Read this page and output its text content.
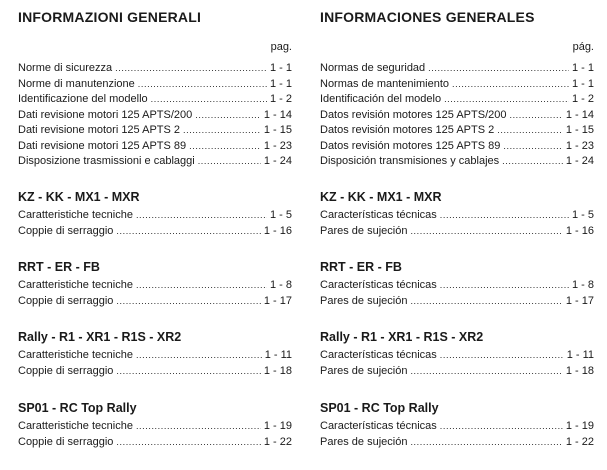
INFORMAZIONI GENERALI
pag.
Norme di sicurezza .....	1 - 1
Norme di manutenzione .....	1 - 1
Identificazione del modello .....	1 - 2
Dati revisione motori 125 APTS/200 .....	1 - 14
Dati revisione motori 125 APTS 2 .....	1 - 15
Dati revisione motori 125 APTS 89 .....	1 - 23
Disposizione trasmissioni e cablaggi .....	1 - 24
KZ - KK - MX1 - MXR
Caratteristiche tecniche .....	1 - 5
Coppie di serraggio .....	1 - 16
RRT - ER - FB
Caratteristiche tecniche .....	1 - 8
Coppie di serraggio .....	1 - 17
Rally - R1 - XR1 - R1S - XR2
Caratteristiche tecniche .....	1 - 11
Coppie di serraggio .....	1 - 18
SP01 - RC Top Rally
Caratteristiche tecniche .....	1 - 19
Coppie di serraggio .....	1 - 22
INFORMACIONES GENERALES
pág.
Normas de seguridad .....	1 - 1
Normas de mantenimiento .....	1 - 1
Identificación del modelo .....	1 - 2
Datos revisión motores 125 APTS/200 .....	1 - 14
Datos revisión motores 125 APTS 2 .....	1 - 15
Datos revisión motores 125 APTS 89 .....	1 - 23
Disposición transmisiones y cablajes .....	1 - 24
KZ - KK - MX1 - MXR
Características técnicas .....	1 - 5
Pares de sujeción .....	1 - 16
RRT - ER - FB
Características técnicas .....	1 - 8
Pares de sujeción .....	1 - 17
Rally - R1 - XR1 - R1S - XR2
Características técnicas .....	1 - 11
Pares de sujeción .....	1 - 18
SP01 - RC Top Rally
Características técnicas .....	1 - 19
Pares de sujeción .....	1 - 22
